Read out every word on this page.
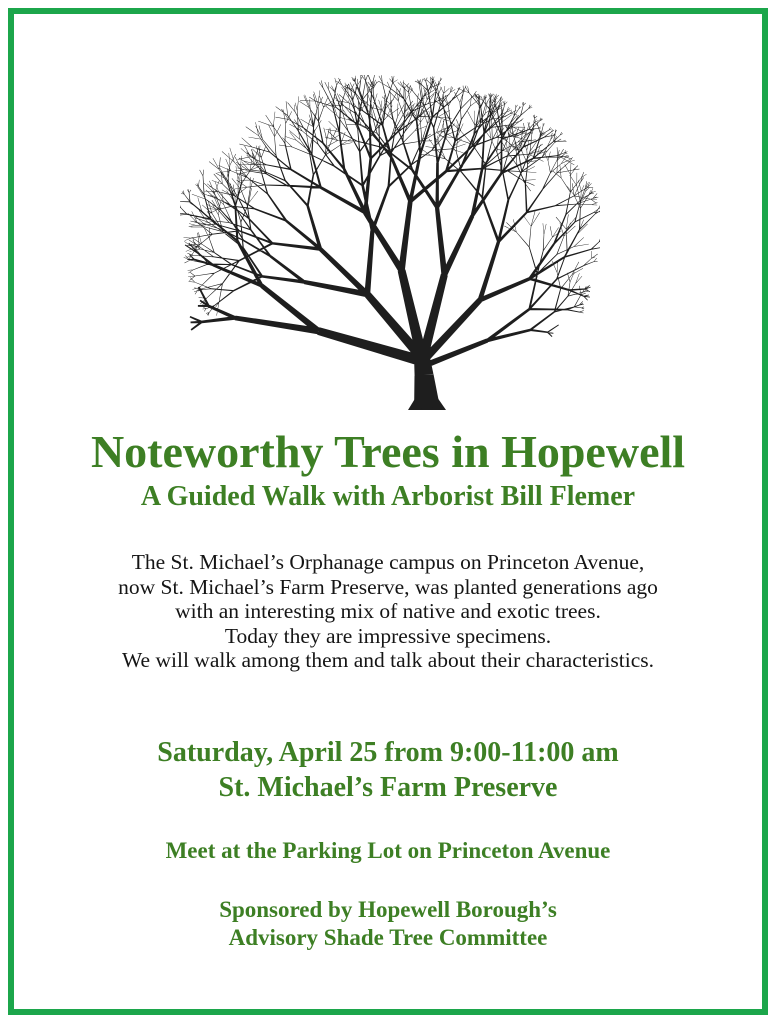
Noteworthy Trees in Hopewell
A Guided Walk with Arborist Bill Flemer
The St. Michael’s Orphanage campus on Princeton Avenue,
now St. Michael’s Farm Preserve, was planted generations ago
with an interesting mix of native and exotic trees.
Today they are impressive specimens.
We will walk among them and talk about their characteristics.
Saturday, April 25 from 9:00-11:00 am
St. Michael’s Farm Preserve
Meet at the Parking Lot on Princeton Avenue
Sponsored by Hopewell Borough’s
Advisory Shade Tree Committee
